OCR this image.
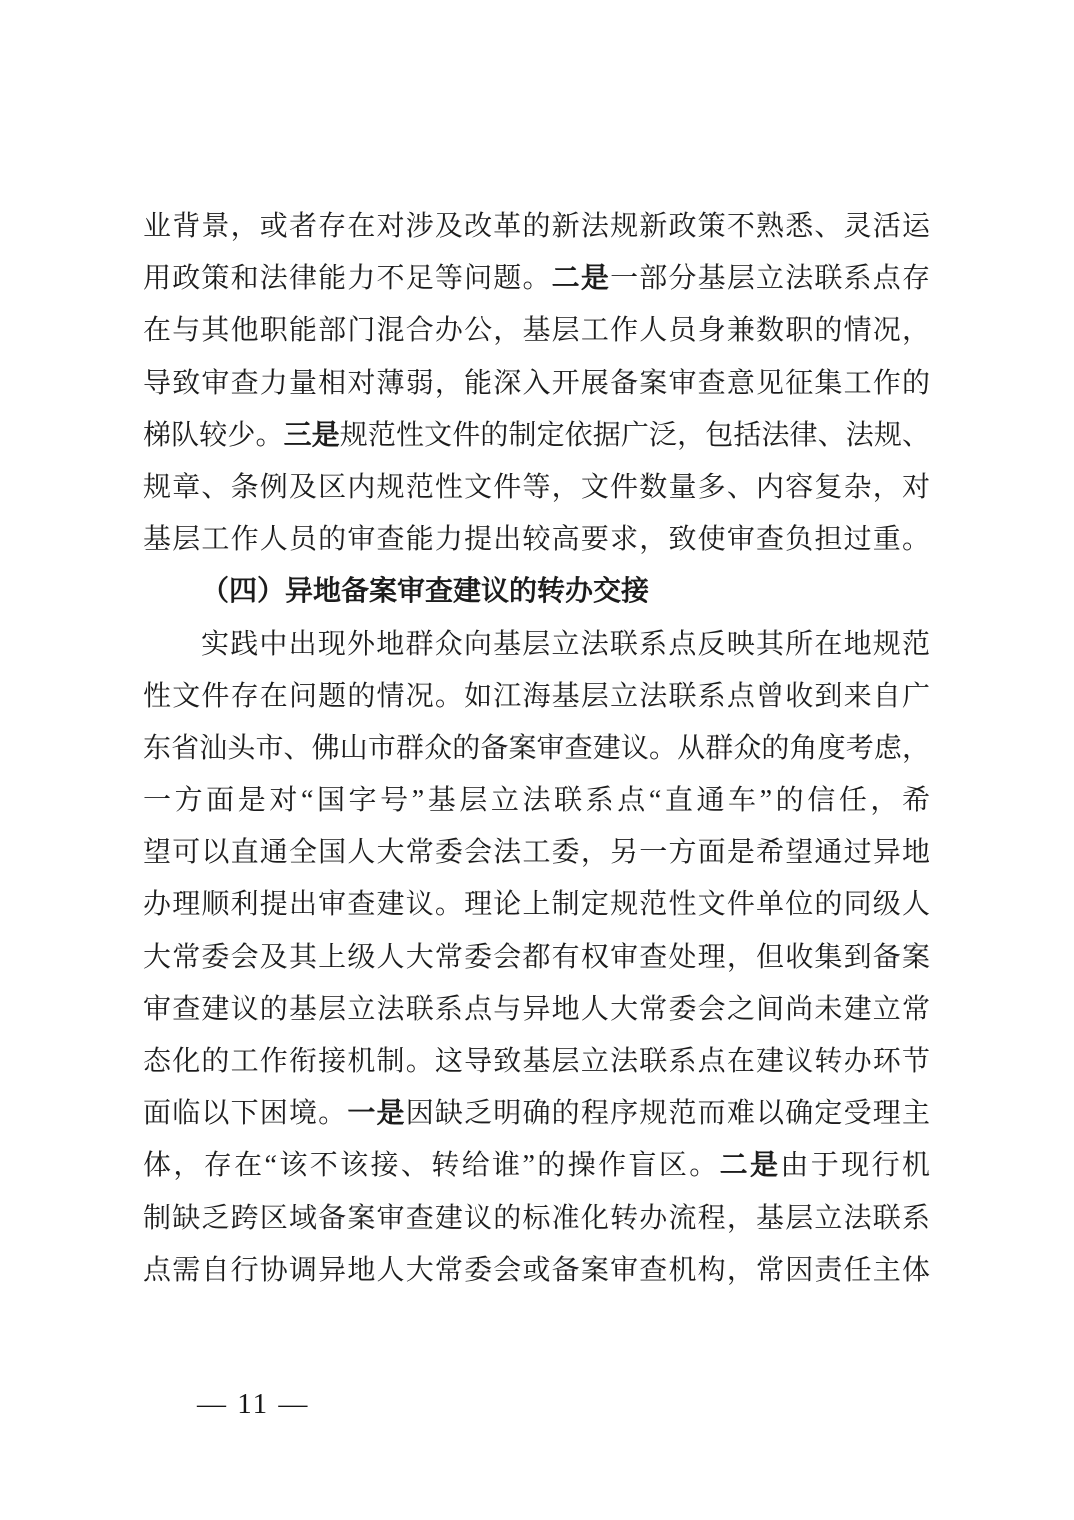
业背景，或者存在对涉及改革的新法规新政策不熟悉、灵活运
用政策和法律能力不足等问题。二是一部分基层立法联系点存
在与其他职能部门混合办公，基层工作人员身兼数职的情况，
导致审查力量相对薄弱，能深入开展备案审查意见征集工作的
梯队较少。三是规范性文件的制定依据广泛，包括法律、法规、
规章、条例及区内规范性文件等，文件数量多、内容复杂，对
基层工作人员的审查能力提出较高要求，致使审查负担过重。
（四）异地备案审查建议的转办交接
实践中出现外地群众向基层立法联系点反映其所在地规范
性文件存在问题的情况。如江海基层立法联系点曾收到来自广
东省汕头市、佛山市群众的备案审查建议。从群众的角度考虑，
一方面是对“国字号”基层立法联系点“直通车”的信任，希
望可以直通全国人大常委会法工委，另一方面是希望通过异地
办理顺利提出审查建议。理论上制定规范性文件单位的同级人
大常委会及其上级人大常委会都有权审查处理，但收集到备案
审查建议的基层立法联系点与异地人大常委会之间尚未建立常
态化的工作衔接机制。这导致基层立法联系点在建议转办环节
面临以下困境。一是因缺乏明确的程序规范而难以确定受理主
体，存在“该不该接、转给谁”的操作盲区。二是由于现行机
制缺乏跨区域备案审查建议的标准化转办流程，基层立法联系
点需自行协调异地人大常委会或备案审查机构，常因责任主体
— 11 —
